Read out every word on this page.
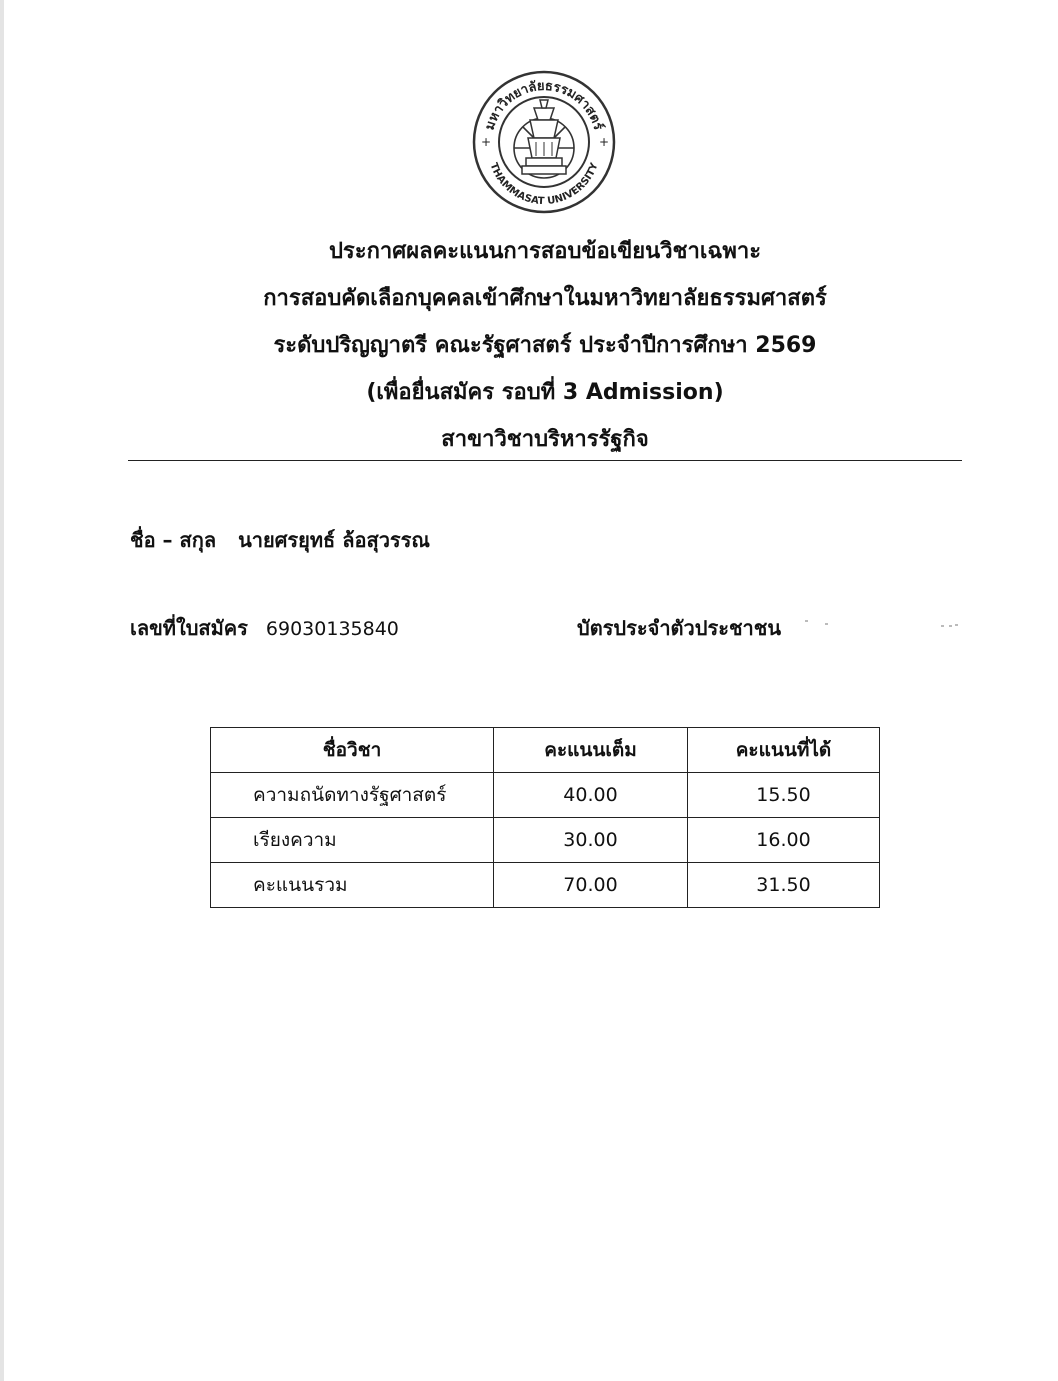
มหาวิทยาลัยธรรมศาสตร์
THAMMASAT UNIVERSITY
+	+
ประกาศผลคะแนนการสอบข้อเขียนวิชาเฉพาะ
การสอบคัดเลือกบุคคลเข้าศึกษาในมหาวิทยาลัยธรรมศาสตร์
ระดับปริญญาตรี คณะรัฐศาสตร์ ประจำปีการศึกษา 2569
(เพื่อยื่นสมัคร รอบที่ 3 Admission)
สาขาวิชาบริหารรัฐกิจ
ชื่อ – สกุล นายศรยุทธ์ ล้อสุวรรณ
เลขที่ใบสมัคร 69030135840	บัตรประจำตัวประชาชน
ชื่อวิชา	คะแนนเต็ม	คะแนนที่ได้
ความถนัดทางรัฐศาสตร์	40.00	15.50
เรียงความ	30.00	16.00
คะแนนรวม	70.00	31.50
